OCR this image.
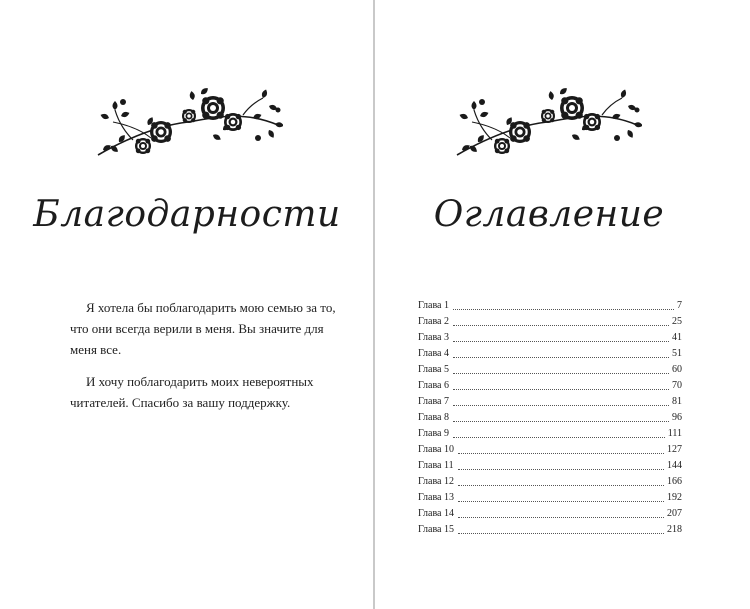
Благодарности

Я хотела бы поблагодарить мою семью за то, что они всегда верили в меня. Вы значите для меня все.

И хочу поблагодарить моих невероятных читателей. Спасибо за вашу поддержку.

Оглавление
Глава 1	7
Глава 2	25
Глава 3	41
Глава 4	51
Глава 5	60
Глава 6	70
Глава 7	81
Глава 8	96
Глава 9	111
Глава 10	127
Глава 11	144
Глава 12	166
Глава 13	192
Глава 14	207
Глава 15	218
